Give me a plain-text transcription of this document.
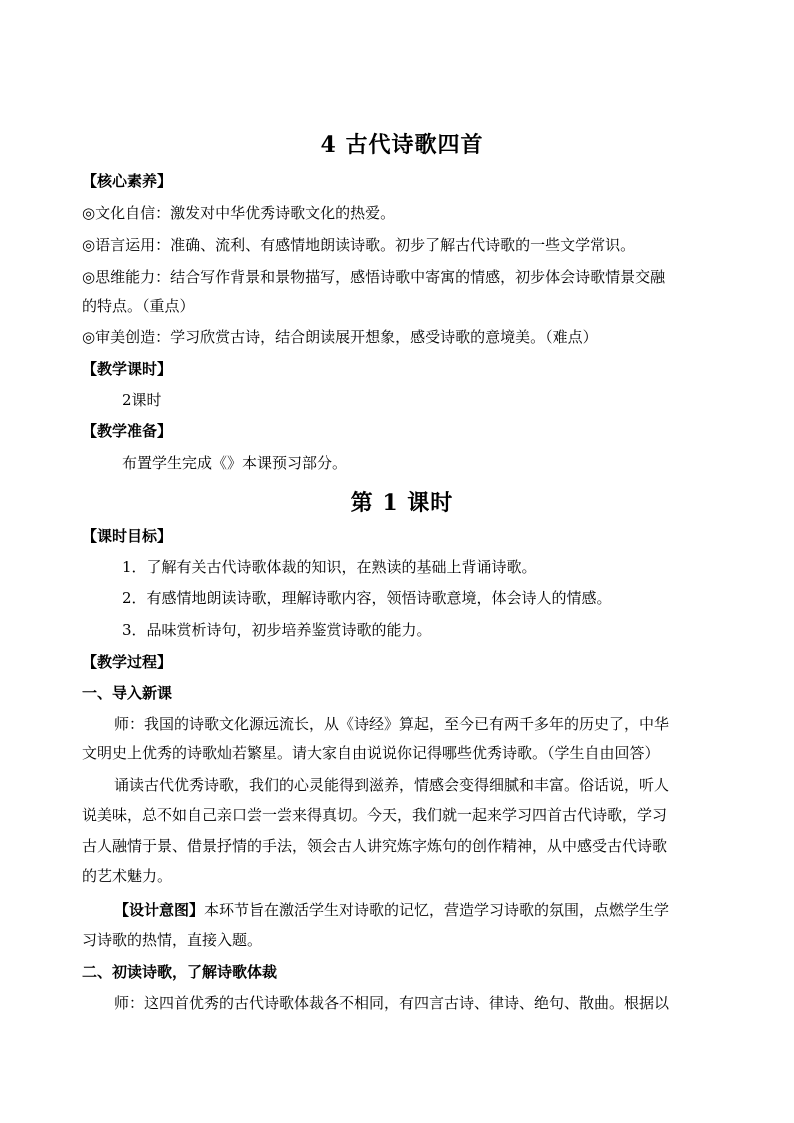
4 古代诗歌四首
【核心素养】
◎文化自信：激发对中华优秀诗歌文化的热爱。
◎语言运用：准确、流利、有感情地朗读诗歌。初步了解古代诗歌的一些文学常识。
◎思维能力：结合写作背景和景物描写，感悟诗歌中寄寓的情感，初步体会诗歌情景交融
的特点。（重点）
◎审美创造：学习欣赏古诗，结合朗读展开想象，感受诗歌的意境美。（难点）
【教学课时】
2课时
【教学准备】
布置学生完成《》本课预习部分。
第 1 课时
【课时目标】
1．了解有关古代诗歌体裁的知识，在熟读的基础上背诵诗歌。
2．有感情地朗读诗歌，理解诗歌内容，领悟诗歌意境，体会诗人的情感。
3．品味赏析诗句，初步培养鉴赏诗歌的能力。
【教学过程】
一、导入新课
师：我国的诗歌文化源远流长，从《诗经》算起，至今已有两千多年的历史了，中华
文明史上优秀的诗歌灿若繁星。请大家自由说说你记得哪些优秀诗歌。（学生自由回答）
诵读古代优秀诗歌，我们的心灵能得到滋养，情感会变得细腻和丰富。俗话说，听人
说美味，总不如自己亲口尝一尝来得真切。今天，我们就一起来学习四首古代诗歌，学习
古人融情于景、借景抒情的手法，领会古人讲究炼字炼句的创作精神，从中感受古代诗歌
的艺术魅力。
【设计意图】本环节旨在激活学生对诗歌的记忆，营造学习诗歌的氛围，点燃学生学
习诗歌的热情，直接入题。
二、初读诗歌，了解诗歌体裁
师：这四首优秀的古代诗歌体裁各不相同，有四言古诗、律诗、绝句、散曲。根据以
